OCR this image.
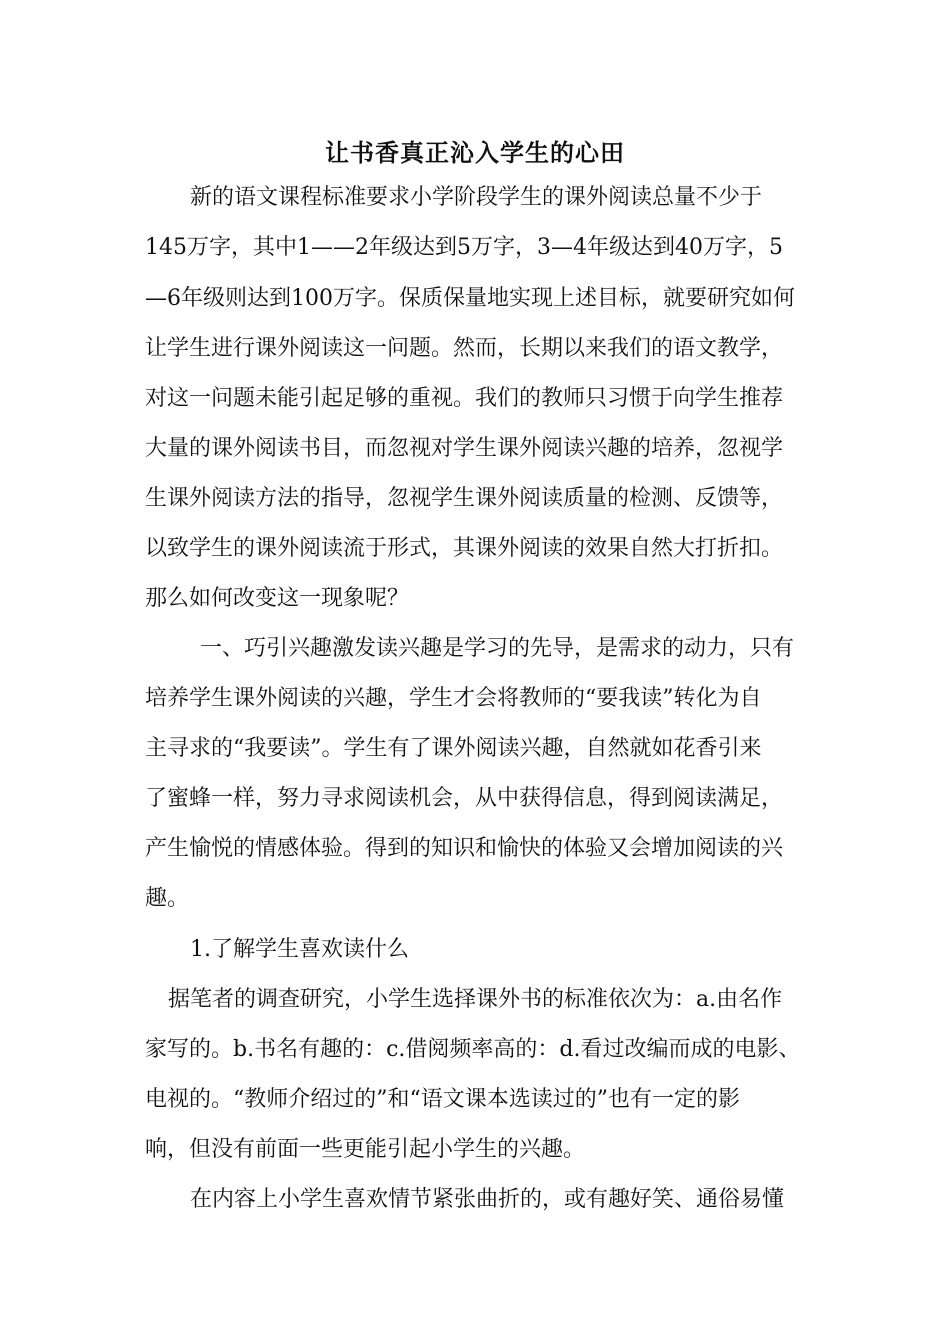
让书香真正沁入学生的心田

新的语文课程标准要求小学阶段学生的课外阅读总量不少于

145万字，其中1——2年级达到5万字，3—4年级达到40万字，5

—6年级则达到100万字。保质保量地实现上述目标，就要研究如何

让学生进行课外阅读这一问题。然而，长期以来我们的语文教学，

对这一问题未能引起足够的重视。我们的教师只习惯于向学生推荐

大量的课外阅读书目，而忽视对学生课外阅读兴趣的培养，忽视学

生课外阅读方法的指导，忽视学生课外阅读质量的检测、反馈等，

以致学生的课外阅读流于形式，其课外阅读的效果自然大打折扣。

那么如何改变这一现象呢？

一、巧引兴趣激发读兴趣是学习的先导，是需求的动力，只有

培养学生课外阅读的兴趣，学生才会将教师的“要我读”转化为自

主寻求的“我要读”。学生有了课外阅读兴趣，自然就如花香引来

了蜜蜂一样，努力寻求阅读机会，从中获得信息，得到阅读满足，

产生愉悦的情感体验。得到的知识和愉快的体验又会增加阅读的兴

趣。

1.了解学生喜欢读什么

据笔者的调查研究，小学生选择课外书的标准依次为：a.由名作

家写的。b.书名有趣的：c.借阅频率高的：d.看过改编而成的电影、

电视的。“教师介绍过的”和“语文课本选读过的”也有一定的影

响，但没有前面一些更能引起小学生的兴趣。

在内容上小学生喜欢情节紧张曲折的，或有趣好笑、通俗易懂
